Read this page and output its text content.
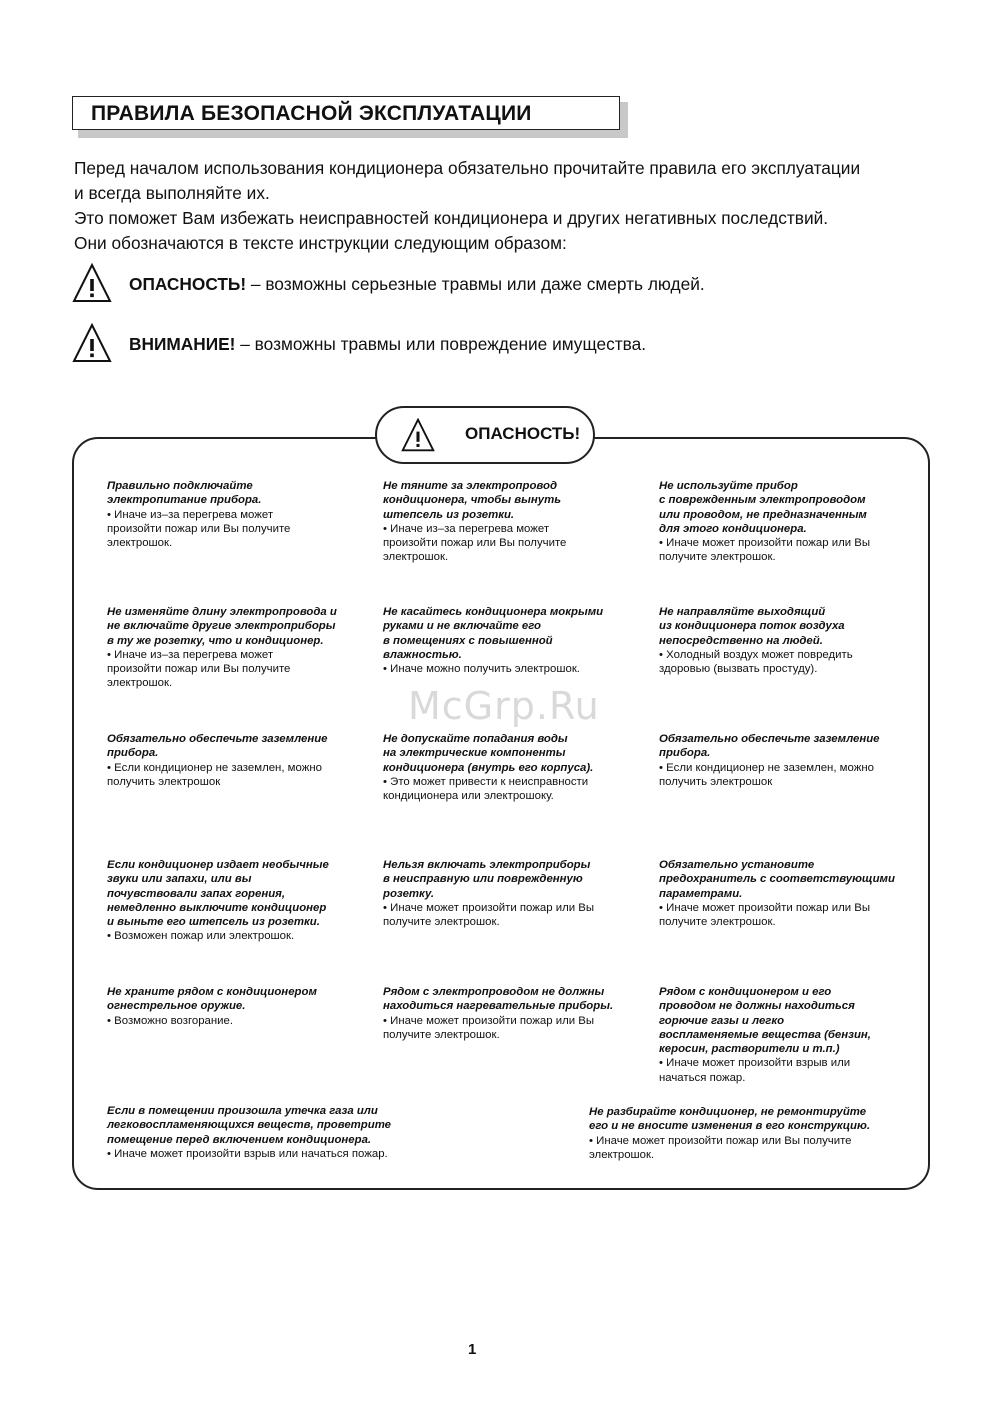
ПРАВИЛА БЕЗОПАСНОЙ ЭКСПЛУАТАЦИИ

Перед началом использования кондиционера обязательно прочитайте правила его эксплуатации

и всегда выполняйте их.

Это поможет Вам избежать неисправностей кондиционера и других негативных последствий.

Они обозначаются в тексте инструкции следующим образом:

ОПАСНОСТЬ! – возможны серьезные травмы или даже смерть людей.
ВНИМАНИЕ! – возможны травмы или повреждение имущества.
ОПАСНОСТЬ!
McGrp.Ru
Правильно подключайте
электропитание прибора.
• Иначе из–за перегрева может
произойти пожар или Вы получите
электрошок.
Не тяните за электропровод
кондиционера, чтобы вынуть
штепсель из розетки.
• Иначе из–за перегрева может
произойти пожар или Вы получите
электрошок.
Не используйте прибор
с поврежденным электропроводом
или проводом, не предназначенным
для этого кондиционера.
• Иначе может произойти пожар или Вы
получите электрошок.
Не изменяйте длину электропровода и
не включайте другие электроприборы
в ту же розетку, что и кондиционер.
• Иначе из–за перегрева может
произойти пожар или Вы получите
электрошок.
Не касайтесь кондиционера мокрыми
руками и не включайте его
в помещениях с повышенной
влажностью.
• Иначе можно получить электрошок.
Не направляйте выходящий
из кондиционера поток воздуха
непосредственно на людей.
• Холодный воздух может повредить
здоровью (вызвать простуду).
Обязательно обеспечьте заземление
прибора.
• Если кондиционер не заземлен, можно
получить электрошок
Не допускайте попадания воды
на электрические компоненты
кондиционера (внутрь его корпуса).
• Это может привести к неисправности
кондиционера или электрошоку.
Обязательно обеспечьте заземление
прибора.
• Если кондиционер не заземлен, можно
получить электрошок
Если кондиционер издает необычные
звуки или запахи, или вы
почувствовали запах горения,
немедленно выключите кондиционер
и выньте его штепсель из розетки.
• Возможен пожар или электрошок.
Нельзя включать электроприборы
в неисправную или поврежденную
розетку.
• Иначе может произойти пожар или Вы
получите электрошок.
Обязательно установите
предохранитель с соответствующими
параметрами.
• Иначе может произойти пожар или Вы
получите электрошок.
Не храните рядом с кондиционером
огнестрельное оружие.
• Возможно возгорание.
Рядом с электропроводом не должны
находиться нагревательные приборы.
• Иначе может произойти пожар или Вы
получите электрошок.
Рядом с кондиционером и его
проводом не должны находиться
горючие газы и легко
воспламеняемые вещества (бензин,
керосин, растворители и т.п.)
• Иначе может произойти взрыв или
начаться пожар.
Если в помещении произошла утечка газа или
легковоспламеняющихся веществ, проветрите
помещение перед включением кондиционера.
• Иначе может произойти взрыв или начаться пожар.
Не разбирайте кондиционер, не ремонтируйте
его и не вносите изменения в его конструкцию.
• Иначе может произойти пожар или Вы получите
электрошок.
1
